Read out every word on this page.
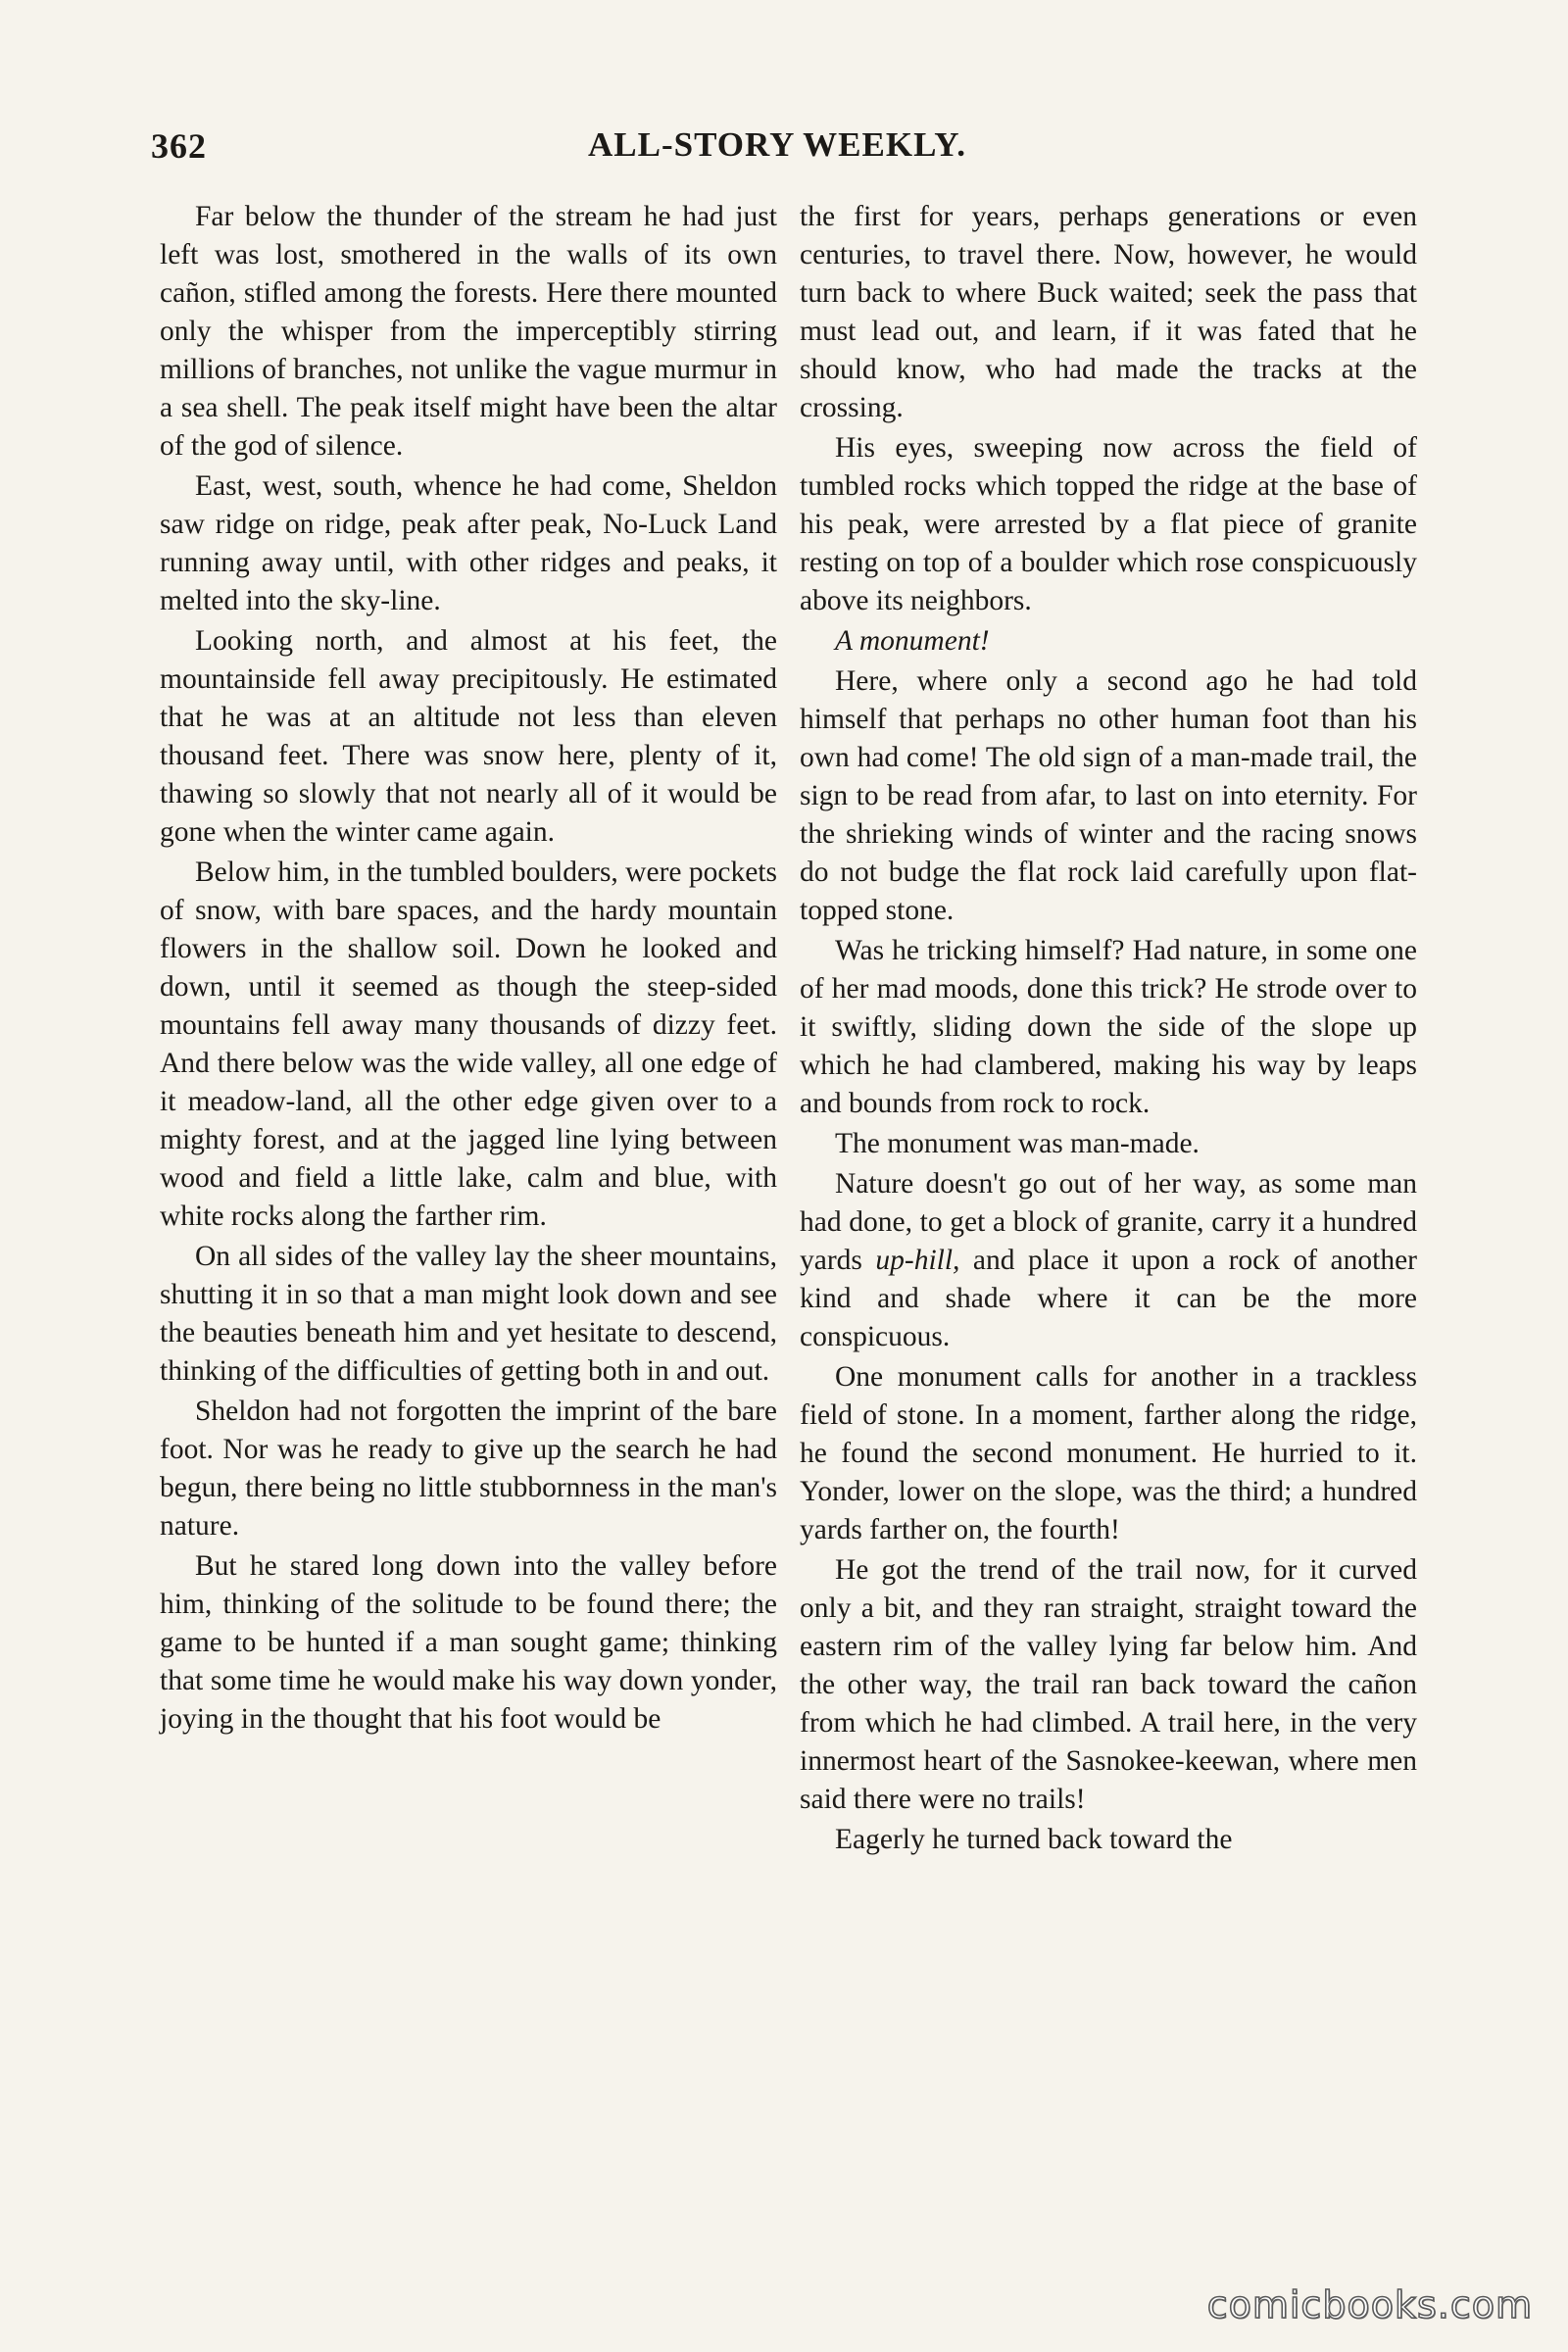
362	ALL-STORY WEEKLY.

Far below the thunder of the stream he had just left was lost, smothered in the walls of its own cañon, stifled among the forests. Here there mounted only the whisper from the imperceptibly stirring millions of branches, not unlike the vague murmur in a sea shell. The peak itself might have been the altar of the god of silence.

East, west, south, whence he had come, Sheldon saw ridge on ridge, peak after peak, No-Luck Land running away until, with other ridges and peaks, it melted into the sky-line.

Looking north, and almost at his feet, the mountainside fell away precipitously. He estimated that he was at an altitude not less than eleven thousand feet. There was snow here, plenty of it, thawing so slowly that not nearly all of it would be gone when the winter came again.

Below him, in the tumbled boulders, were pockets of snow, with bare spaces, and the hardy mountain flowers in the shallow soil. Down he looked and down, until it seemed as though the steep-sided mountains fell away many thousands of dizzy feet. And there below was the wide valley, all one edge of it meadow-land, all the other edge given over to a mighty forest, and at the jagged line lying between wood and field a little lake, calm and blue, with white rocks along the farther rim.

On all sides of the valley lay the sheer mountains, shutting it in so that a man might look down and see the beauties beneath him and yet hesitate to descend, thinking of the difficulties of getting both in and out.

Sheldon had not forgotten the imprint of the bare foot. Nor was he ready to give up the search he had begun, there being no little stubbornness in the man's nature.

But he stared long down into the valley before him, thinking of the solitude to be found there; the game to be hunted if a man sought game; thinking that some time he would make his way down yonder, joying in the thought that his foot would be

the first for years, perhaps generations or even centuries, to travel there. Now, however, he would turn back to where Buck waited; seek the pass that must lead out, and learn, if it was fated that he should know, who had made the tracks at the crossing.

His eyes, sweeping now across the field of tumbled rocks which topped the ridge at the base of his peak, were arrested by a flat piece of granite resting on top of a boulder which rose conspicuously above its neighbors.

A monument!

Here, where only a second ago he had told himself that perhaps no other human foot than his own had come! The old sign of a man-made trail, the sign to be read from afar, to last on into eternity. For the shrieking winds of winter and the racing snows do not budge the flat rock laid carefully upon flat-topped stone.

Was he tricking himself? Had nature, in some one of her mad moods, done this trick? He strode over to it swiftly, sliding down the side of the slope up which he had clambered, making his way by leaps and bounds from rock to rock.

The monument was man-made.

Nature doesn't go out of her way, as some man had done, to get a block of granite, carry it a hundred yards up-hill, and place it upon a rock of another kind and shade where it can be the more conspicuous.

One monument calls for another in a trackless field of stone. In a moment, farther along the ridge, he found the second monument. He hurried to it. Yonder, lower on the slope, was the third; a hundred yards farther on, the fourth!

He got the trend of the trail now, for it curved only a bit, and they ran straight, straight toward the eastern rim of the valley lying far below him. And the other way, the trail ran back toward the cañon from which he had climbed. A trail here, in the very innermost heart of the Sasnokee-keewan, where men said there were no trails!

Eagerly he turned back toward the

comicbooks.com
